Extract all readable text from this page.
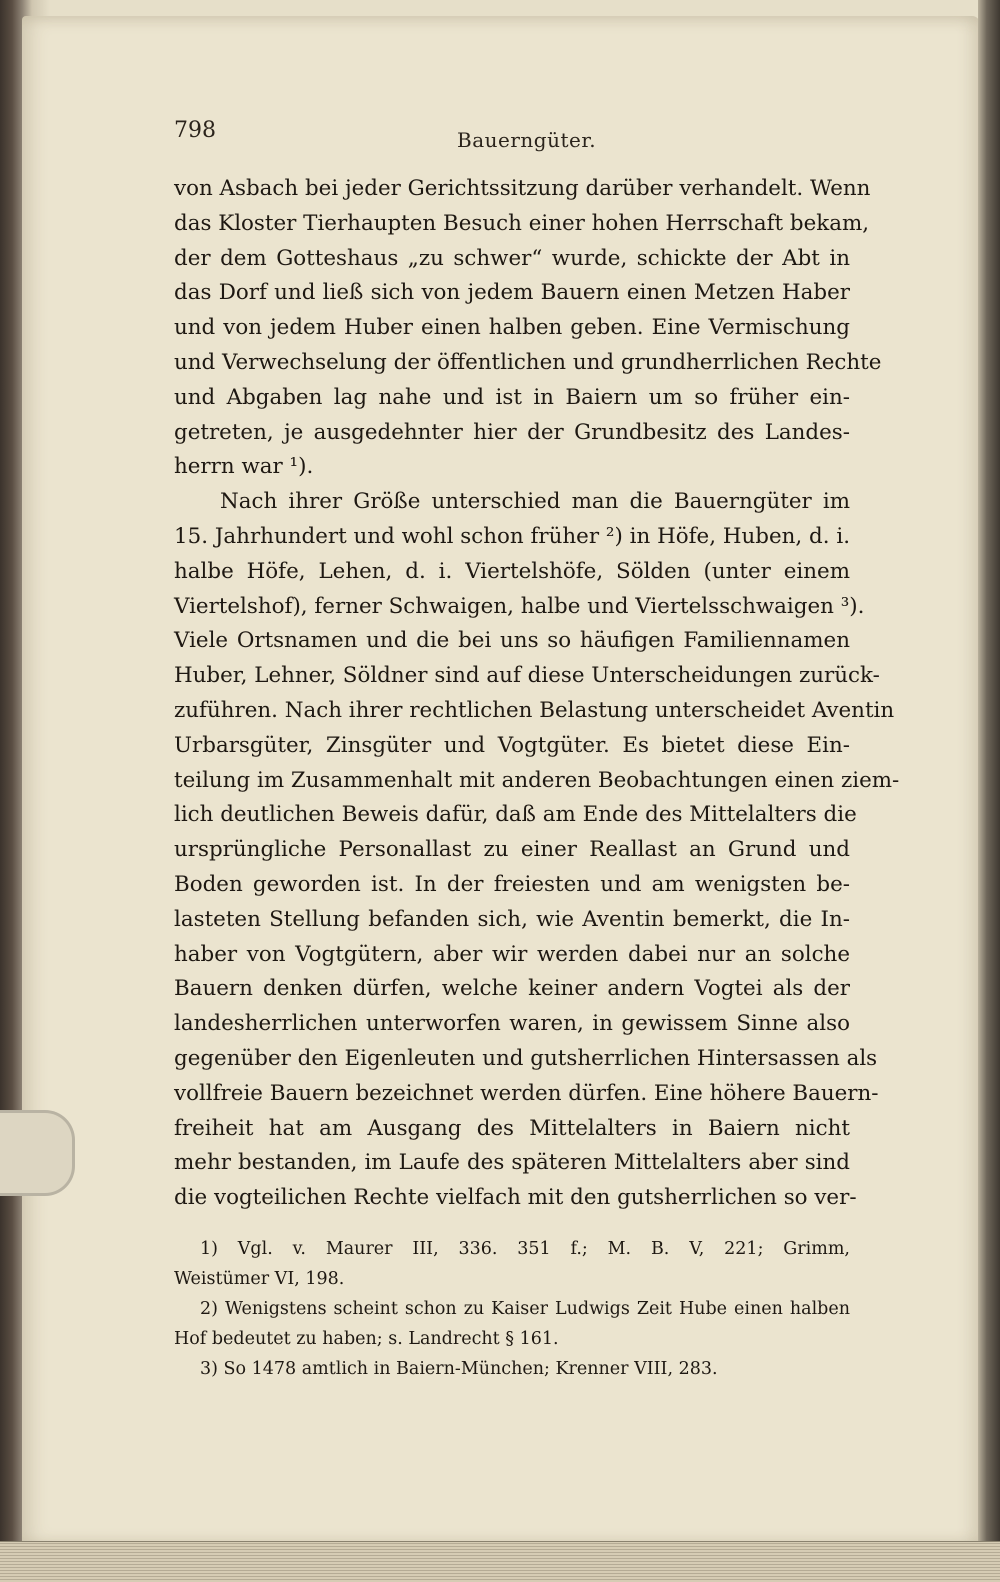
798	Bauerngüter.
von Asbach bei jeder Gerichtssitzung darüber verhandelt. Wenn
das Kloster Tierhaupten Besuch einer hohen Herrschaft bekam,
der dem Gotteshaus „zu schwer“ wurde, schickte der Abt in
das Dorf und ließ sich von jedem Bauern einen Metzen Haber
und von jedem Huber einen halben geben. Eine Vermischung
und Verwechselung der öffentlichen und grundherrlichen Rechte
und Abgaben lag nahe und ist in Baiern um so früher ein-
getreten, je ausgedehnter hier der Grundbesitz des Landes-
herrn war ¹).
Nach ihrer Größe unterschied man die Bauerngüter im
15. Jahrhundert und wohl schon früher ²) in Höfe, Huben, d. i.
halbe Höfe, Lehen, d. i. Viertelshöfe, Sölden (unter einem
Viertelshof), ferner Schwaigen, halbe und Viertelsschwaigen ³).
Viele Ortsnamen und die bei uns so häufigen Familiennamen
Huber, Lehner, Söldner sind auf diese Unterscheidungen zurück-
zuführen. Nach ihrer rechtlichen Belastung unterscheidet Aventin
Urbarsgüter, Zinsgüter und Vogtgüter. Es bietet diese Ein-
teilung im Zusammenhalt mit anderen Beobachtungen einen ziem-
lich deutlichen Beweis dafür, daß am Ende des Mittelalters die
ursprüngliche Personallast zu einer Reallast an Grund und
Boden geworden ist. In der freiesten und am wenigsten be-
lasteten Stellung befanden sich, wie Aventin bemerkt, die In-
haber von Vogtgütern, aber wir werden dabei nur an solche
Bauern denken dürfen, welche keiner andern Vogtei als der
landesherrlichen unterworfen waren, in gewissem Sinne also
gegenüber den Eigenleuten und gutsherrlichen Hintersassen als
vollfreie Bauern bezeichnet werden dürfen. Eine höhere Bauern-
freiheit hat am Ausgang des Mittelalters in Baiern nicht
mehr bestanden, im Laufe des späteren Mittelalters aber sind
die vogteilichen Rechte vielfach mit den gutsherrlichen so ver-
1) Vgl. v. Maurer III, 336. 351 f.; M. B. V, 221; Grimm,
Weistümer VI, 198.
2) Wenigstens scheint schon zu Kaiser Ludwigs Zeit Hube einen halben
Hof bedeutet zu haben; s. Landrecht § 161.
3) So 1478 amtlich in Baiern-München; Krenner VIII, 283.
